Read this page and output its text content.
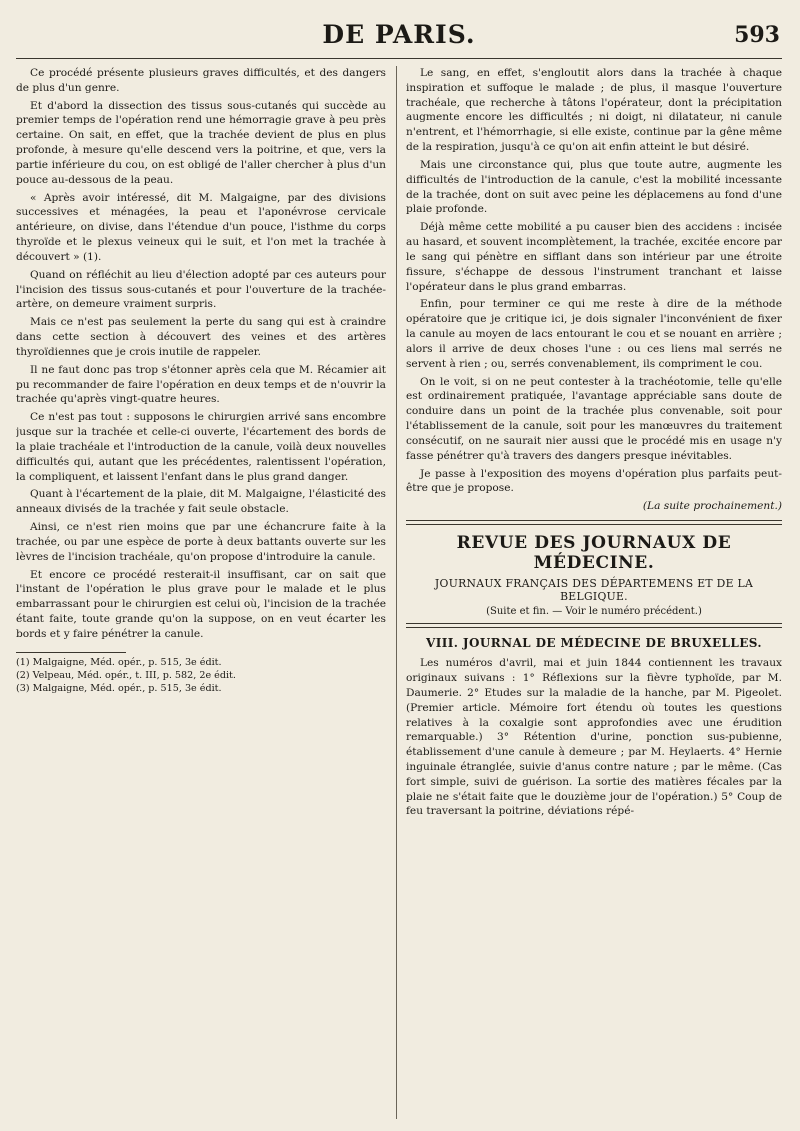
DE PARIS.	593

Ce procédé présente plusieurs graves difficultés, et des dangers de plus d'un genre.

Et d'abord la dissection des tissus sous-cutanés qui succède au premier temps de l'opération rend une hémorragie grave à peu près certaine. On sait, en effet, que la trachée devient de plus en plus profonde, à mesure qu'elle descend vers la poitrine, et que, vers la partie inférieure du cou, on est obligé de l'aller chercher à plus d'un pouce au-dessous de la peau.

« Après avoir intéressé, dit M. Malgaigne, par des divisions successives et ménagées, la peau et l'aponévrose cervicale antérieure, on divise, dans l'étendue d'un pouce, l'isthme du corps thyroïde et le plexus veineux qui le suit, et l'on met la trachée à découvert » (1).

Quand on réfléchit au lieu d'élection adopté par ces auteurs pour l'incision des tissus sous-cutanés et pour l'ouverture de la trachée-artère, on demeure vraiment surpris.

Mais ce n'est pas seulement la perte du sang qui est à craindre dans cette section à découvert des veines et des artères thyroïdiennes que je crois inutile de rappeler.

Il ne faut donc pas trop s'étonner après cela que M. Récamier ait pu recommander de faire l'opération en deux temps et de n'ouvrir la trachée qu'après vingt-quatre heures.

Ce n'est pas tout : supposons le chirurgien arrivé sans encombre jusque sur la trachée et celle-ci ouverte, l'écartement des bords de la plaie trachéale et l'introduction de la canule, voilà deux nouvelles difficultés qui, autant que les précédentes, ralentissent l'opération, la compliquent, et laissent l'enfant dans le plus grand danger.

Quant à l'écartement de la plaie, dit M. Malgaigne, l'élasticité des anneaux divisés de la trachée y fait seule obstacle.

Ainsi, ce n'est rien moins que par une échancrure faite à la trachée, ou par une espèce de porte à deux battants ouverte sur les lèvres de l'incision trachéale, qu'on propose d'introduire la canule.

Et encore ce procédé resterait-il insuffisant, car on sait que l'instant de l'opération le plus grave pour le malade et le plus embarrassant pour le chirurgien est celui où, l'incision de la trachée étant faite, toute grande qu'on la suppose, on en veut écarter les bords et y faire pénétrer la canule.

(1) Malgaigne, Méd. opér., p. 515, 3e édit.

(2) Velpeau, Méd. opér., t. III, p. 582, 2e édit.

(3) Malgaigne, Méd. opér., p. 515, 3e édit.

Le sang, en effet, s'engloutit alors dans la trachée à chaque inspiration et suffoque le malade ; de plus, il masque l'ouverture trachéale, que recherche à tâtons l'opérateur, dont la précipitation augmente encore les difficultés ; ni doigt, ni dilatateur, ni canule n'entrent, et l'hémorrhagie, si elle existe, continue par la gêne même de la respiration, jusqu'à ce qu'on ait enfin atteint le but désiré.

Mais une circonstance qui, plus que toute autre, augmente les difficultés de l'introduction de la canule, c'est la mobilité incessante de la trachée, dont on suit avec peine les déplacemens au fond d'une plaie profonde.

Déjà même cette mobilité a pu causer bien des accidens : incisée au hasard, et souvent incomplètement, la trachée, excitée encore par le sang qui pénètre en sifflant dans son intérieur par une étroite fissure, s'échappe de dessous l'instrument tranchant et laisse l'opérateur dans le plus grand embarras.

Enfin, pour terminer ce qui me reste à dire de la méthode opératoire que je critique ici, je dois signaler l'inconvénient de fixer la canule au moyen de lacs entourant le cou et se nouant en arrière ; alors il arrive de deux choses l'une : ou ces liens mal serrés ne servent à rien ; ou, serrés convenablement, ils compriment le cou.

On le voit, si on ne peut contester à la trachéotomie, telle qu'elle est ordinairement pratiquée, l'avantage appréciable sans doute de conduire dans un point de la trachée plus convenable, soit pour l'établissement de la canule, soit pour les manœuvres du traitement consécutif, on ne saurait nier aussi que le procédé mis en usage n'y fasse pénétrer qu'à travers des dangers presque inévitables.

Je passe à l'exposition des moyens d'opération plus parfaits peut-être que je propose.

(La suite prochainement.)
REVUE DES JOURNAUX DE MÉDECINE.
JOURNAUX FRANÇAIS DES DÉPARTEMENS ET DE LA BELGIQUE.
(Suite et fin. — Voir le numéro précédent.)
VIII. JOURNAL DE MÉDECINE DE BRUXELLES.

Les numéros d'avril, mai et juin 1844 contiennent les travaux originaux suivans : 1° Réflexions sur la fièvre typhoïde, par M. Daumerie. 2° Etudes sur la maladie de la hanche, par M. Pigeolet. (Premier article. Mémoire fort étendu où toutes les questions relatives à la coxalgie sont approfondies avec une érudition remarquable.) 3° Rétention d'urine, ponction sus-pubienne, établissement d'une canule à demeure ; par M. Heylaerts. 4° Hernie inguinale étranglée, suivie d'anus contre nature ; par le même. (Cas fort simple, suivi de guérison. La sortie des matières fécales par la plaie ne s'était faite que le douzième jour de l'opération.) 5° Coup de feu traversant la poitrine, déviations répé-
